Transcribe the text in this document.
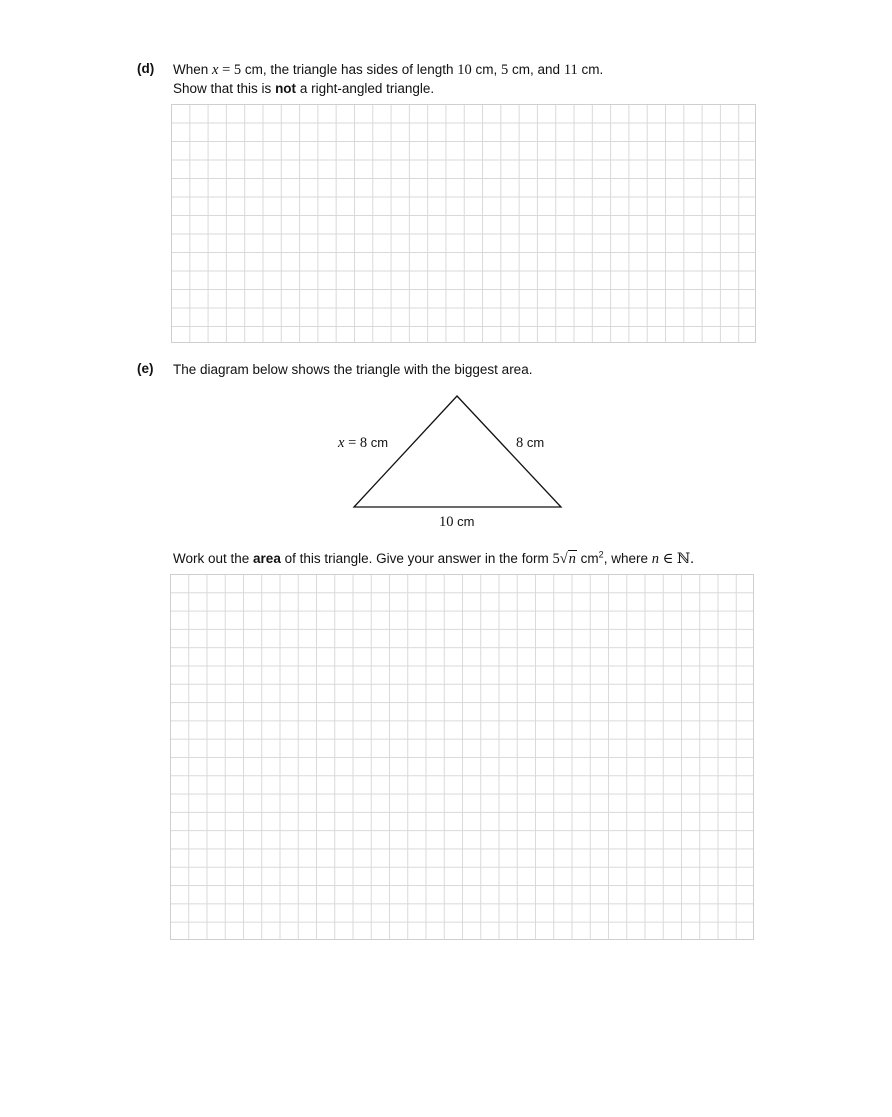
(d) When x = 5 cm, the triangle has sides of length 10 cm, 5 cm, and 11 cm.
Show that this is not a right-angled triangle.
(e) The diagram below shows the triangle with the biggest area.
x = 8 cm	8 cm
10 cm
Work out the area of this triangle. Give your answer in the form 5√n $cm^2$, where n ∈ ℕ.
